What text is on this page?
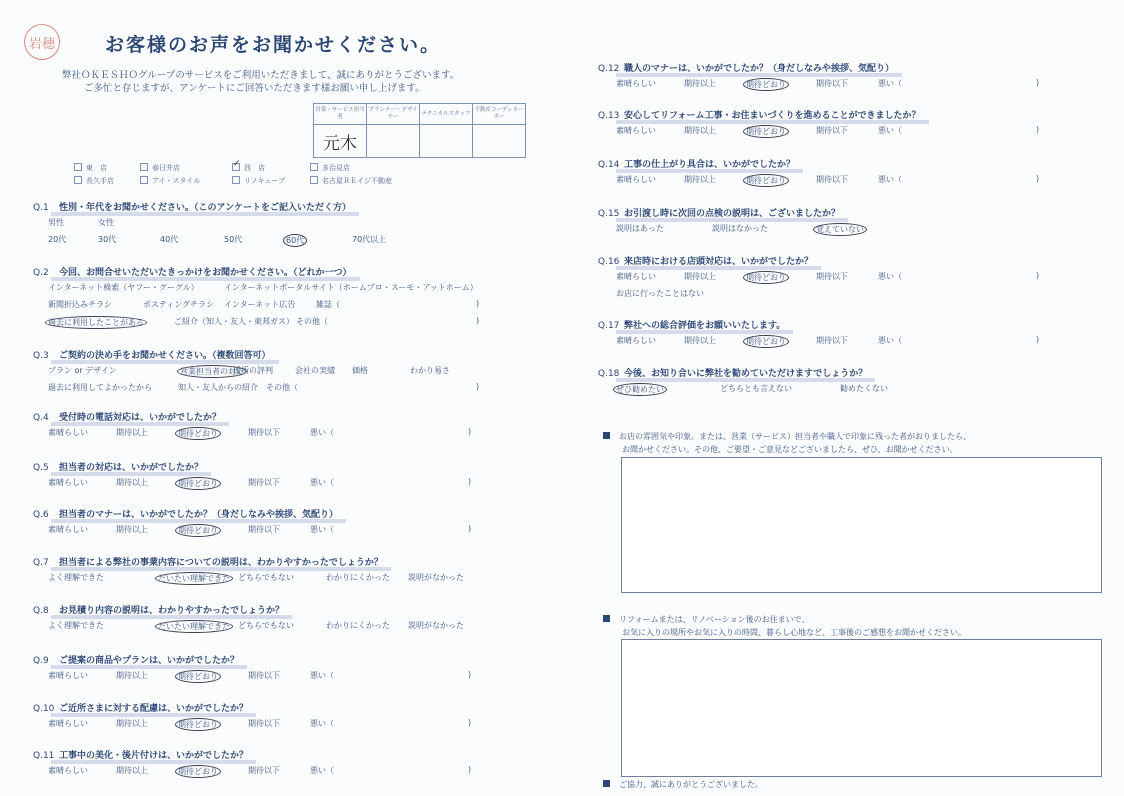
岩穂	お客様のお声をお聞かせください。
弊社ＯＫＥＳＨＯグループのサービスをご利用いただきまして、誠にありがとうございます。
ご多忙と存じますが、アンケートにご回答いただきます様お願い申し上げます。
営業・サービス担当者	プランナー・デザイナー	テクニカルスタッフ	不動産コーディネーター
元木			
東　店	春日井店 ✓	西　店	多治見店
長久手店	アイ・スタイル	リノキューブ	名古屋ＲＥイジ不動産
Q.1 性別・年代をお聞かせください。（このアンケートをご記入いただく方）
男性	女性
20代	30代	40代	50代	60代	70代以上
Q.2 今回、お問合せいただいたきっかけをお聞かせください。（どれか一つ）
インターネット検索（ヤフー・グーグル）	インターネットポータルサイト（ホームプロ・スーモ・アットホーム）
新聞折込みチラシ	ポスティングチラシ インターネット広告	雑誌（	)
過去に利用したことがある	ご紹介（知人・友人・東邦ガス） その他（	)
Q.3 ご契約の決め手をお聞かせください。（複数回答可）
プラン or デザイン	営業担当者の対応
近所の評判	会社の実績 価格	わかり易さ
過去に利用してよかったから	知人・友人からの紹介 その他（	)
Q.4 受付時の電話対応は、いかがでしたか？
素晴らしい	期待以上	期待どおり	期待以下	悪い（	)
Q.5 担当者の対応は、いかがでしたか？
素晴らしい	期待以上	期待どおり	期待以下	悪い（	)
Q.6 担当者のマナーは、いかがでしたか？（身だしなみや挨拶、気配り）
素晴らしい	期待以上	期待どおり	期待以下	悪い（	)
Q.7 担当者による弊社の事業内容についての説明は、わかりやすかったでしょうか？
よく理解できた	だいたい理解できた	どちらでもない	わかりにくかった 説明がなかった
Q.8 お見積り内容の説明は、わかりやすかったでしょうか？
よく理解できた	だいたい理解できた	どちらでもない	わかりにくかった 説明がなかった
Q.9 ご提案の商品やプランは、いかがでしたか？
素晴らしい	期待以上	期待どおり	期待以下	悪い（	)
Q.10 ご近所さまに対する配慮は、いかがでしたか？
素晴らしい	期待以上	期待どおり	期待以下	悪い（	)
Q.11 工事中の美化・後片付けは、いかがでしたか？
素晴らしい	期待以上	期待どおり	期待以下	悪い（	)
Q.12 職人のマナーは、いかがでしたか？（身だしなみや挨拶、気配り）
素晴らしい	期待以上	期待どおり	期待以下	悪い（	)
Q.13 安心してリフォーム工事・お住まいづくりを進めることができましたか？
素晴らしい	期待以上	期待どおり	期待以下	悪い（	)
Q.14 工事の仕上がり具合は、いかがでしたか？
素晴らしい	期待以上	期待どおり	期待以下	悪い（	)
Q.15 お引渡し時に次回の点検の説明は、ございましたか？
説明はあった	説明はなかった	覚えていない
Q.16 来店時における店頭対応は、いかがでしたか？
素晴らしい	期待以上	期待どおり	期待以下	悪い（	)
お店に行ったことはない
Q.17 弊社への総合評価をお願いいたします。
素晴らしい	期待以上	期待どおり	期待以下	悪い（	)
Q.18 今後、お知り合いに弊社を勧めていただけますでしょうか？
ぜひ勧めたい	どちらとも言えない	勧めたくない
お店の雰囲気や印象。または、営業（サービス）担当者や職人で印象に残った者がおりましたら、
お聞かせください。その他、ご要望・ご意見などございましたら、ぜひ、お聞かせください。
リフォームまたは、リノベーション後のお住まいで、
お気に入りの場所やお気に入りの時間、暮らし心地など、工事後のご感想をお聞かせください。
ご協力、誠にありがとうございました。
